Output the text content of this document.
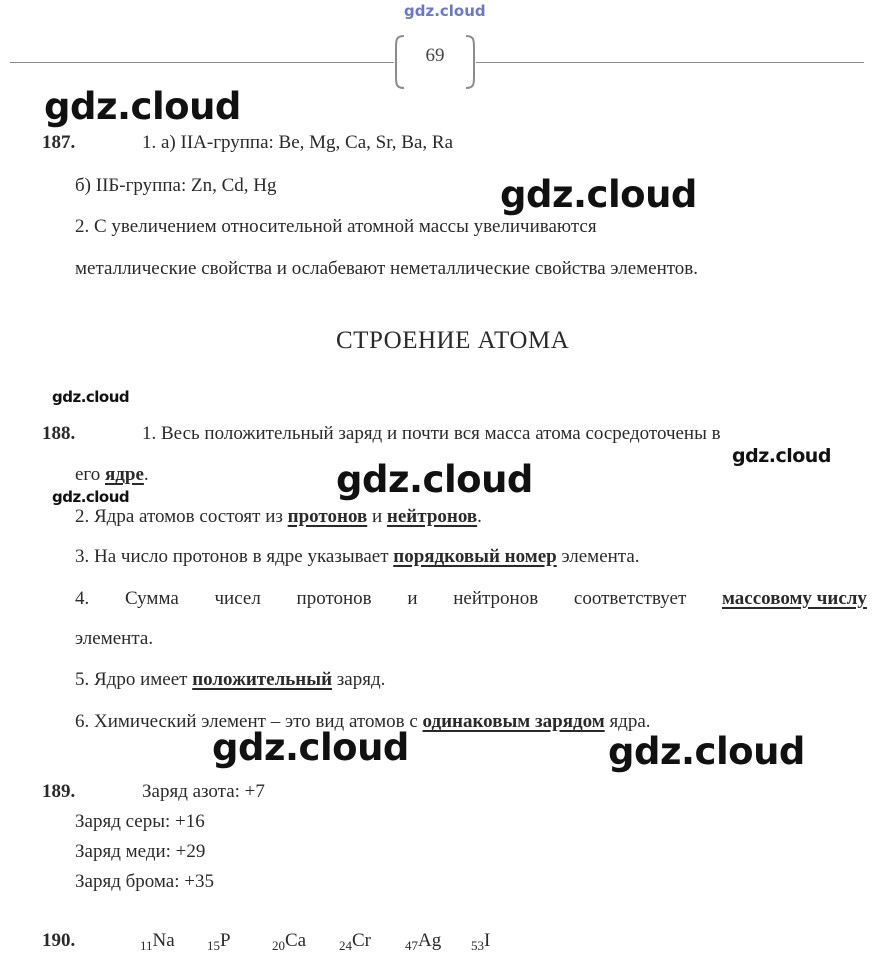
gdz.cloud
69
gdz.cloud
gdz.cloud
gdz.cloud
gdz.cloud
gdz.cloud
gdz.cloud
gdz.cloud	gdz.cloud
187.	1. а) IIA-группа: Be, Mg, Ca, Sr, Ba, Ra
б) IIБ-группа: Zn, Cd, Hg
2. С увеличением относительной атомной массы увеличиваются
металлические свойства и ослабевают неметаллические свойства элементов.
СТРОЕНИЕ АТОМА
188.	1. Весь положительный заряд и почти вся масса атома сосредоточены в
его ядре.
2. Ядра атомов состоят из протонов и нейтронов.
3. На число протонов в ядре указывает порядковый номер элемента.
4. Сумма чисел протонов и нейтронов соответствует массовому числу
элемента.
5. Ядро имеет положительный заряд.
6. Химический элемент – это вид атомов с одинаковым зарядом ядра.
189.	Заряд азота: +7
Заряд серы: +16
Заряд меди: +29
Заряд брома: +35
190.	$_{11}$Na $_{15}$P	$_{20}$Ca	$_{24}$Cr	$_{47}$Ag $_{53}$I
